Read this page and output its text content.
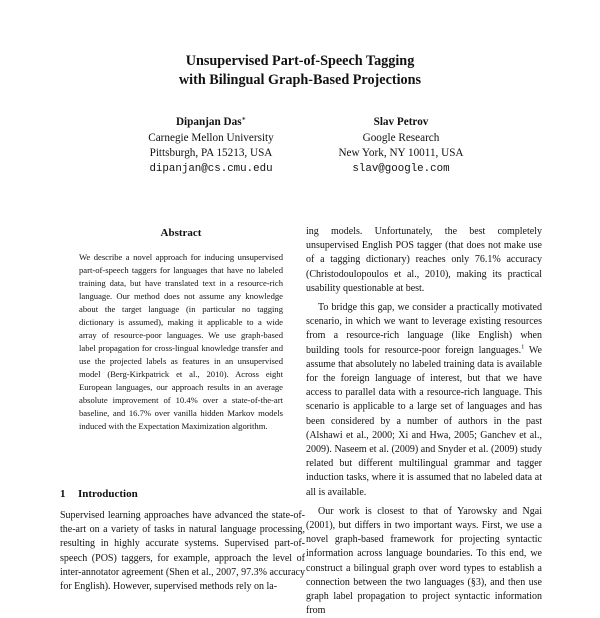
Unsupervised Part-of-Speech Tagging
with Bilingual Graph-Based Projections
Dipanjan Das∗
Carnegie Mellon University
Pittsburgh, PA 15213, USA
dipanjan@cs.cmu.edu
Slav Petrov
Google Research
New York, NY 10011, USA
slav@google.com
Abstract
We describe a novel approach for inducing unsupervised part-of-speech taggers for languages that have no labeled training data, but have translated text in a resource-rich language. Our method does not assume any knowledge about the target language (in particular no tagging dictionary is assumed), making it applicable to a wide array of resource-poor languages. We use graph-based label propagation for cross-lingual knowledge transfer and use the projected labels as features in an unsupervised model (Berg-Kirkpatrick et al., 2010). Across eight European languages, our approach results in an average absolute improvement of 10.4% over a state-of-the-art baseline, and 16.7% over vanilla hidden Markov models induced with the Expectation Maximization algorithm.
1 Introduction
Supervised learning approaches have advanced the state-of-the-art on a variety of tasks in natural language processing, resulting in highly accurate systems. Supervised part-of-speech (POS) taggers, for example, approach the level of inter-annotator agreement (Shen et al., 2007, 97.3% accuracy for English). However, supervised methods rely on la-

ing models. Unfortunately, the best completely unsupervised English POS tagger (that does not make use of a tagging dictionary) reaches only 76.1% accuracy (Christodoulopoulos et al., 2010), making its practical usability questionable at best.

To bridge this gap, we consider a practically motivated scenario, in which we want to leverage existing resources from a resource-rich language (like English) when building tools for resource-poor foreign languages.$^1$ We assume that absolutely no labeled training data is available for the foreign language of interest, but that we have access to parallel data with a resource-rich language. This scenario is applicable to a large set of languages and has been considered by a number of authors in the past (Alshawi et al., 2000; Xi and Hwa, 2005; Ganchev et al., 2009). Naseem et al. (2009) and Snyder et al. (2009) study related but different multilingual grammar and tagger induction tasks, where it is assumed that no labeled data at all is available.

Our work is closest to that of Yarowsky and Ngai (2001), but differs in two important ways. First, we use a novel graph-based framework for projecting syntactic information across language boundaries. To this end, we construct a bilingual graph over word types to establish a connection between the two languages (§3), and then use graph label propagation to project syntactic information from
